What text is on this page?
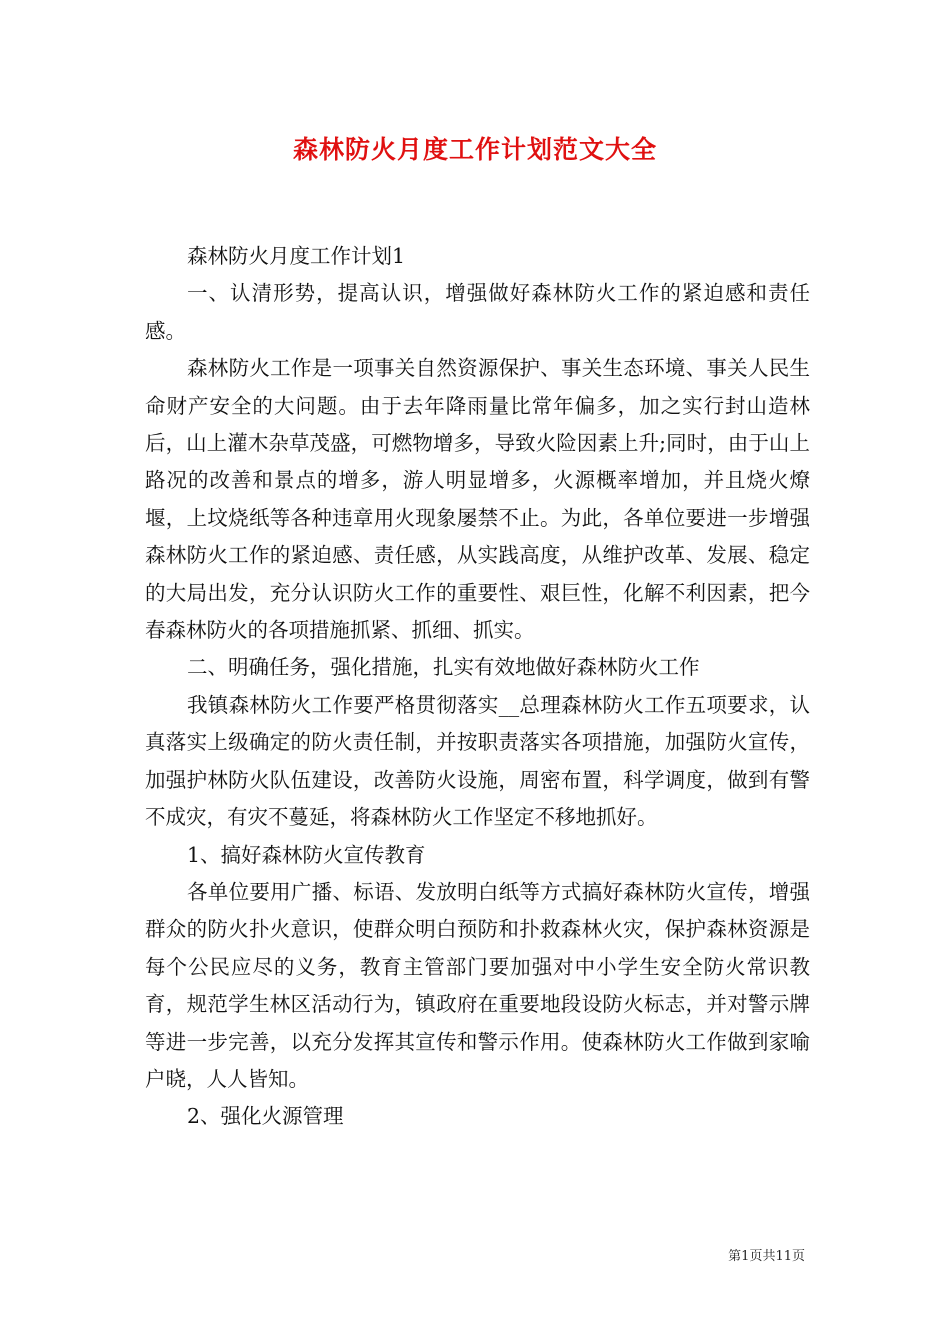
森林防火月度工作计划范文大全

森林防火月度工作计划1

一、认清形势，提高认识，增强做好森林防火工作的紧迫感和责任感。

森林防火工作是一项事关自然资源保护、事关生态环境、事关人民生命财产安全的大问题。由于去年降雨量比常年偏多，加之实行封山造林后，山上灌木杂草茂盛，可燃物增多，导致火险因素上升;同时，由于山上路况的改善和景点的增多，游人明显增多，火源概率增加，并且烧火燎堰，上坟烧纸等各种违章用火现象屡禁不止。为此，各单位要进一步增强森林防火工作的紧迫感、责任感，从实践高度，从维护改革、发展、稳定的大局出发，充分认识防火工作的重要性、艰巨性，化解不利因素，把今春森林防火的各项措施抓紧、抓细、抓实。

二、明确任务，强化措施，扎实有效地做好森林防火工作

我镇森林防火工作要严格贯彻落实__总理森林防火工作五项要求，认真落实上级确定的防火责任制，并按职责落实各项措施，加强防火宣传，加强护林防火队伍建设，改善防火设施，周密布置，科学调度，做到有警不成灾，有灾不蔓延，将森林防火工作坚定不移地抓好。

1、搞好森林防火宣传教育

各单位要用广播、标语、发放明白纸等方式搞好森林防火宣传，增强群众的防火扑火意识，使群众明白预防和扑救森林火灾，保护森林资源是每个公民应尽的义务，教育主管部门要加强对中小学生安全防火常识教育，规范学生林区活动行为，镇政府在重要地段设防火标志，并对警示牌等进一步完善，以充分发挥其宣传和警示作用。使森林防火工作做到家喻户晓，人人皆知。

2、强化火源管理

第1页共11页
